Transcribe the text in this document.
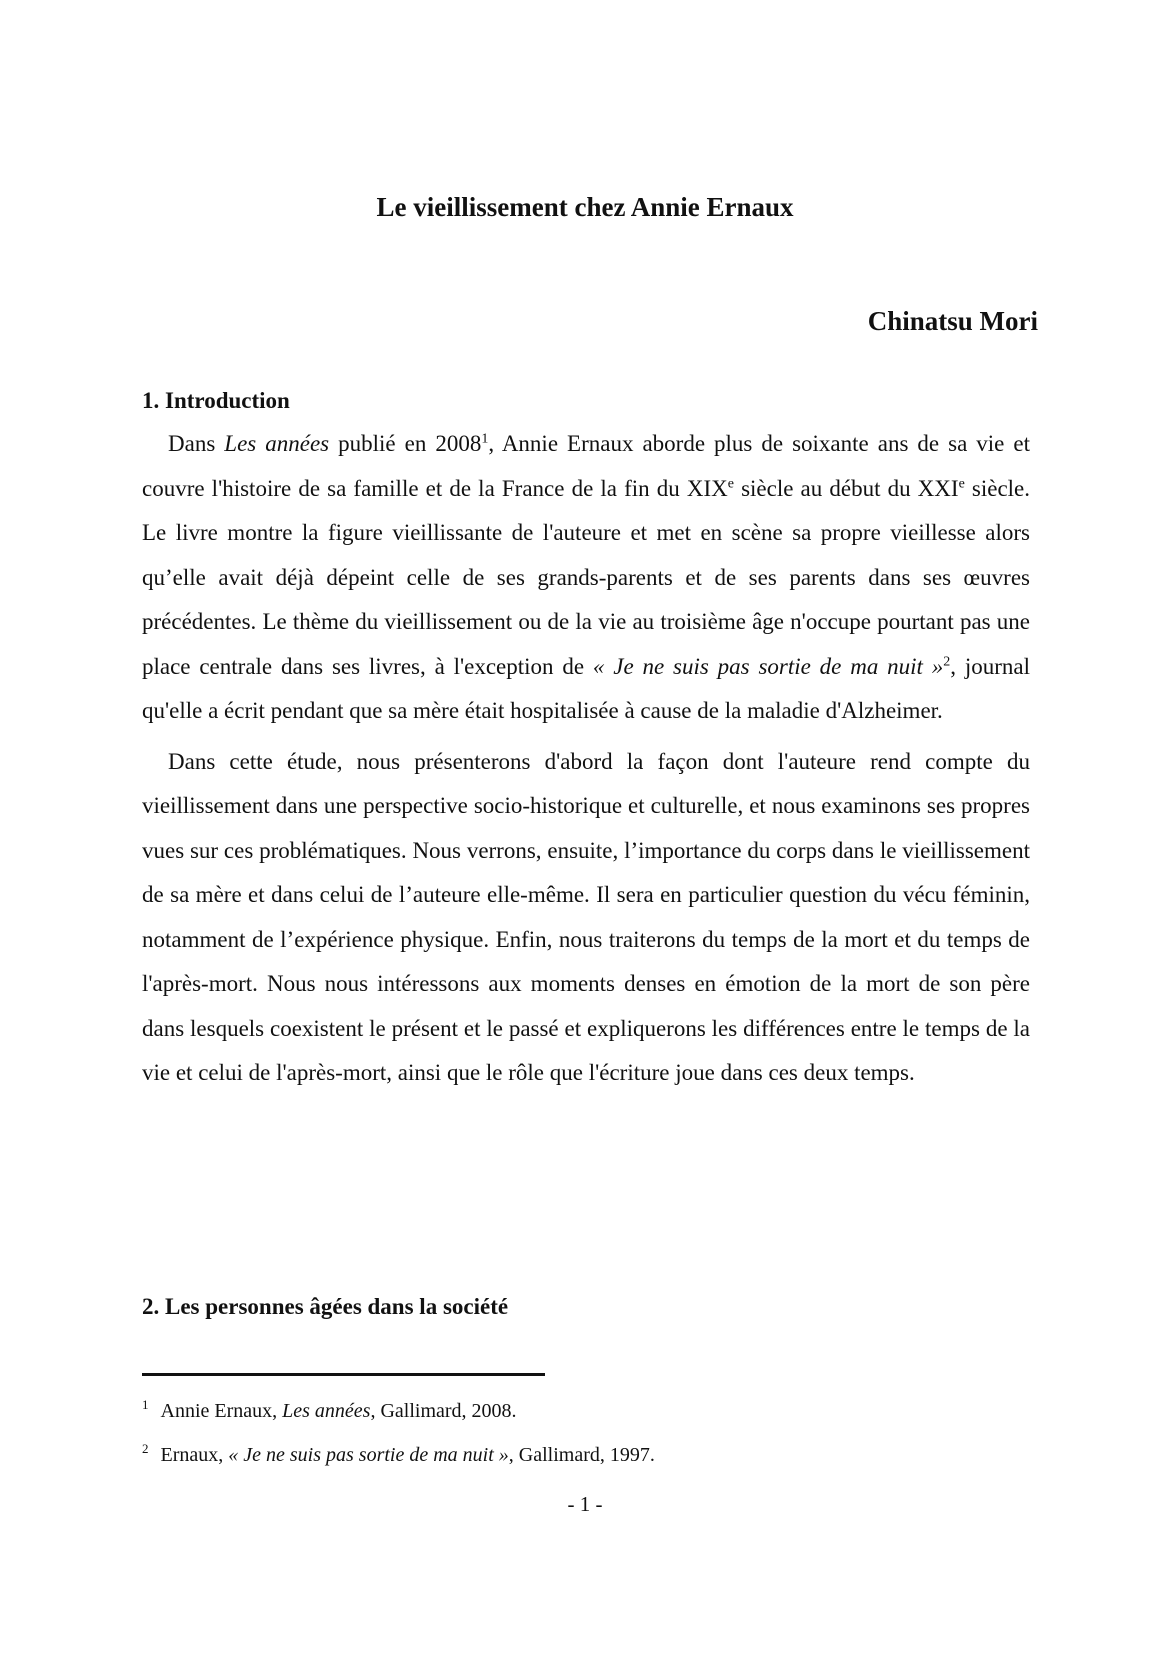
Le vieillissement chez Annie Ernaux
Chinatsu Mori
1. Introduction

Dans Les années publié en 2008$^1$, Annie Ernaux aborde plus de soixante ans de sa vie et couvre l'histoire de sa famille et de la France de la fin du XIXe siècle au début du XXIe siècle. Le livre montre la figure vieillissante de l'auteure et met en scène sa propre vieillesse alors qu’elle avait déjà dépeint celle de ses grands-parents et de ses parents dans ses œuvres précédentes. Le thème du vieillissement ou de la vie au troisième âge n'occupe pourtant pas une place centrale dans ses livres, à l'exception de « Je ne suis pas sortie de ma nuit »$^2$, journal qu'elle a écrit pendant que sa mère était hospitalisée à cause de la maladie d'Alzheimer.

Dans cette étude, nous présenterons d'abord la façon dont l'auteure rend compte du vieillissement dans une perspective socio-historique et culturelle, et nous examinons ses propres vues sur ces problématiques. Nous verrons, ensuite, l’importance du corps dans le vieillissement de sa mère et dans celui de l’auteure elle-même. Il sera en particulier question du vécu féminin, notamment de l’expérience physique. Enfin, nous traiterons du temps de la mort et du temps de l'après-mort. Nous nous intéressons aux moments denses en émotion de la mort de son père dans lesquels coexistent le présent et le passé et expliquerons les différences entre le temps de la vie et celui de l'après-mort, ainsi que le rôle que l'écriture joue dans ces deux temps.

2. Les personnes âgées dans la société
$^1$ Annie Ernaux, Les années, Gallimard, 2008.
$^2$ Ernaux, « Je ne suis pas sortie de ma nuit », Gallimard, 1997.
- 1 -
